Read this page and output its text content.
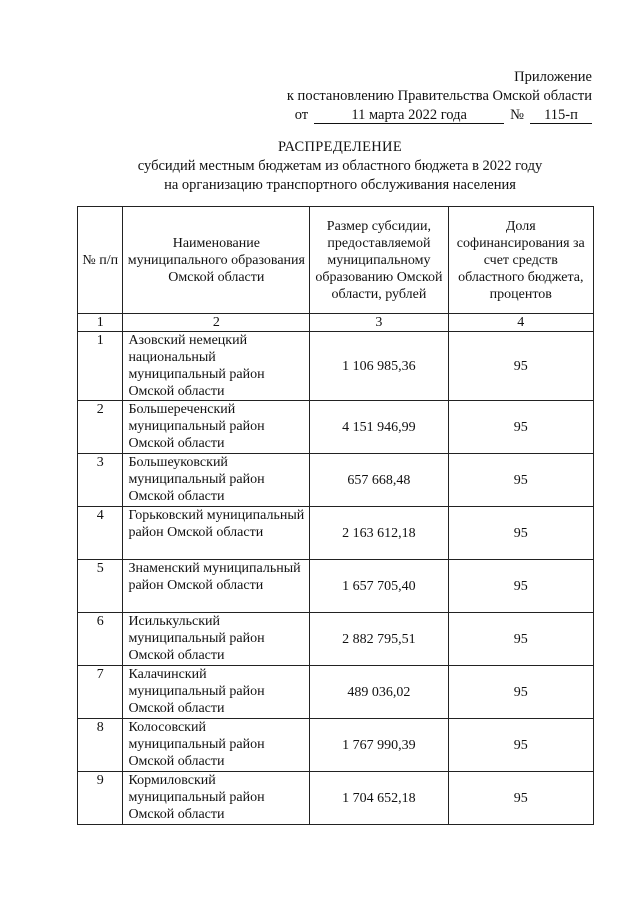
Приложение
к постановлению Правительства Омской области
от	11 марта 2022 года	№	115-п
РАСПРЕДЕЛЕНИЕ
субсидий местным бюджетам из областного бюджета в 2022 году
на организацию транспортного обслуживания населения
№ п/п	Наименование муниципального образования Омской области	Размер субсидии, предоставляемой муниципальному образованию Омской области, рублей	Доля софинансирования за счет средств областного бюджета, процентов
1	2	3	4
1	Азовский немецкий национальный муниципальный район Омской области	1 106 985,36	95
2	Большереченский муниципальный район Омской области	4 151 946,99	95
3	Большеуковский муниципальный район Омской области	657 668,48	95
4	Горьковский муниципальный район Омской области	2 163 612,18	95
5	Знаменский муниципальный район Омской области	1 657 705,40	95
6	Исилькульский муниципальный район Омской области	2 882 795,51	95
7	Калачинский муниципальный район Омской области	489 036,02	95
8	Колосовский муниципальный район Омской области	1 767 990,39	95
9	Кормиловский муниципальный район Омской области	1 704 652,18	95
